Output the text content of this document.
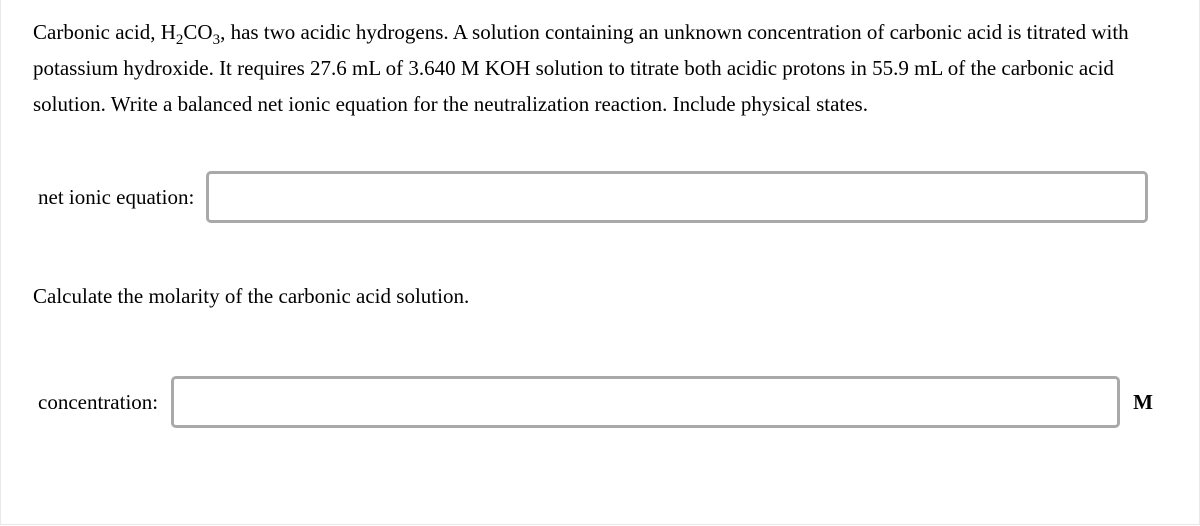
Carbonic acid, $H_2CO_3$, has two acidic hydrogens. A solution containing an unknown concentration of carbonic acid is titrated with potassium hydroxide. It requires 27.6 mL of 3.640 M KOH solution to titrate both acidic protons in 55.9 mL of the carbonic acid solution. Write a balanced net ionic equation for the neutralization reaction. Include physical states.

net ionic equation:

Calculate the molarity of the carbonic acid solution.

concentration:	M
